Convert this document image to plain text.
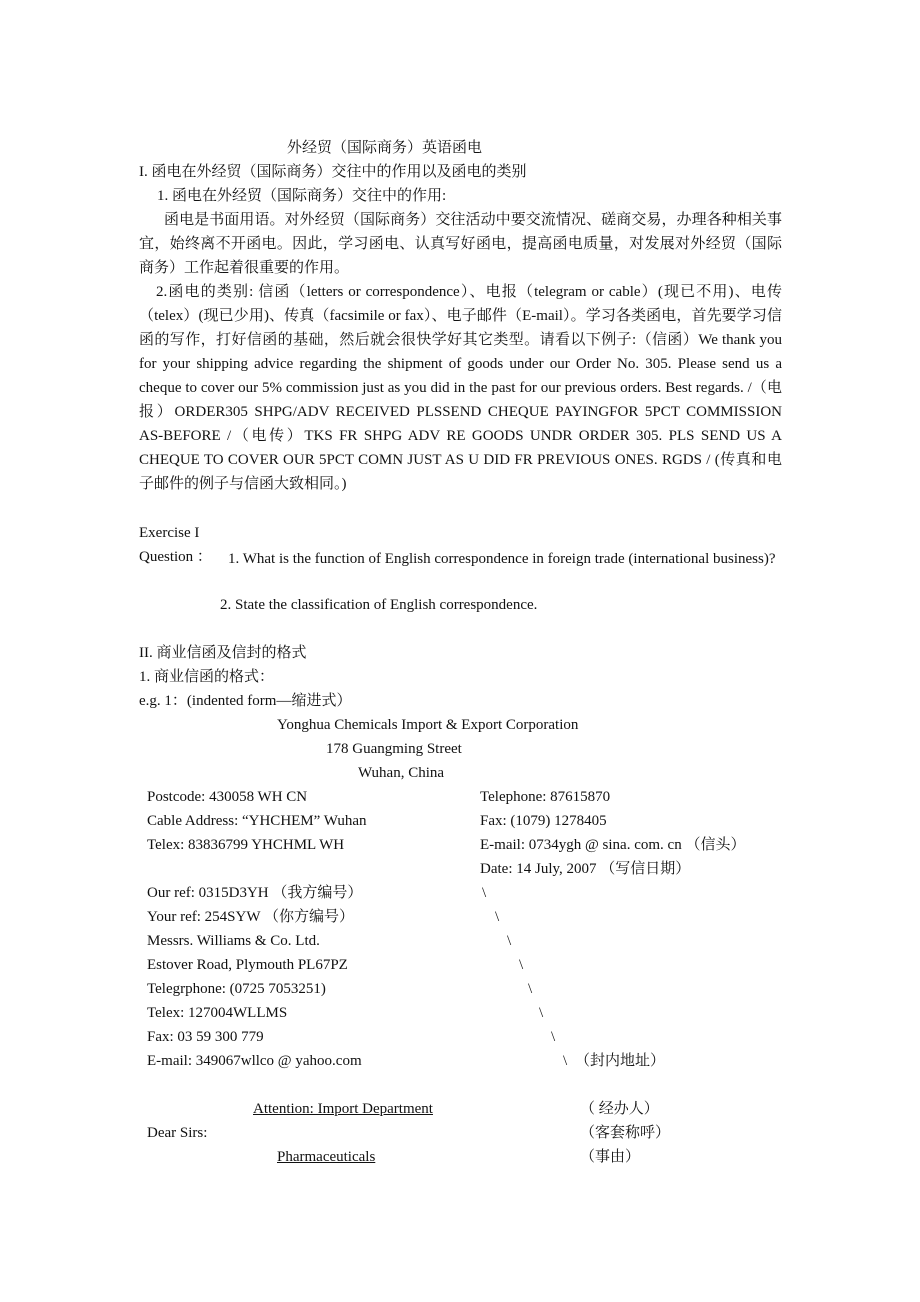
外经贸（国际商务）英语函电
I. 函电在外经贸（国际商务）交往中的作用以及函电的类别
1. 函电在外经贸（国际商务）交往中的作用:
函电是书面用语。对外经贸（国际商务）交往活动中要交流情况、磋商交易，办理各种相关事宜，始终离不开函电。因此，学习函电、认真写好函电，提高函电质量，对发展对外经贸（国际商务）工作起着很重要的作用。
2.函电的类别: 信函（letters or correspondence）、电报（telegram or cable）(现已不用)、电传（telex）(现已少用)、传真（facsimile or fax）、电子邮件（E-mail）。学习各类函电，首先要学习信函的写作，打好信函的基础，然后就会很快学好其它类型。请看以下例子:（信函）We thank you for your shipping advice regarding the shipment of goods under our Order No. 305. Please send us a cheque to cover our 5% commission just as you did in the past for our previous orders. Best regards. /（电报）ORDER305 SHPG/ADV RECEIVED PLSSEND CHEQUE PAYINGFOR 5PCT COMMISSION AS-BEFORE /（电传）TKS FR SHPG ADV RE GOODS UNDR ORDER 305. PLS SEND US A CHEQUE TO COVER OUR 5PCT COMN JUST AS U DID FR PREVIOUS ONES. RGDS / (传真和电子邮件的例子与信函大致相同。)
Exercise I
Question ： 1. What is the function of English correspondence in foreign trade (international business)?
2. State the classification of English correspondence.
II. 商业信函及信封的格式
1. 商业信函的格式：
e.g. 1：(indented form—缩进式）
Yonghua Chemicals Import & Export Corporation
178 Guangming Street
Wuhan, China
Postcode: 430058 WH CN	Telephone: 87615870
Cable Address: “YHCHEM” Wuhan	Fax: (1079) 1278405
Telex: 83836799 YHCHML WH	E-mail: 0734ygh @ sina. com. cn （信头）
Date: 14 July, 2007 （写信日期）
Our ref: 0315D3YH （我方编号）	\
Your ref: 254SYW （你方编号）	\
Messrs. Williams & Co. Ltd.	\
Estover Road, Plymouth PL67PZ	\
Telegrphone: (0725 7053251)	\
Telex: 127004WLLMS	\
Fax: 03 59 300 779	\
E-mail: 349067wllco @ yahoo.com	\ （封内地址）
Attention: Import Department	（ 经办人）
Dear Sirs:	（客套称呼）
Pharmaceuticals	（事由）
